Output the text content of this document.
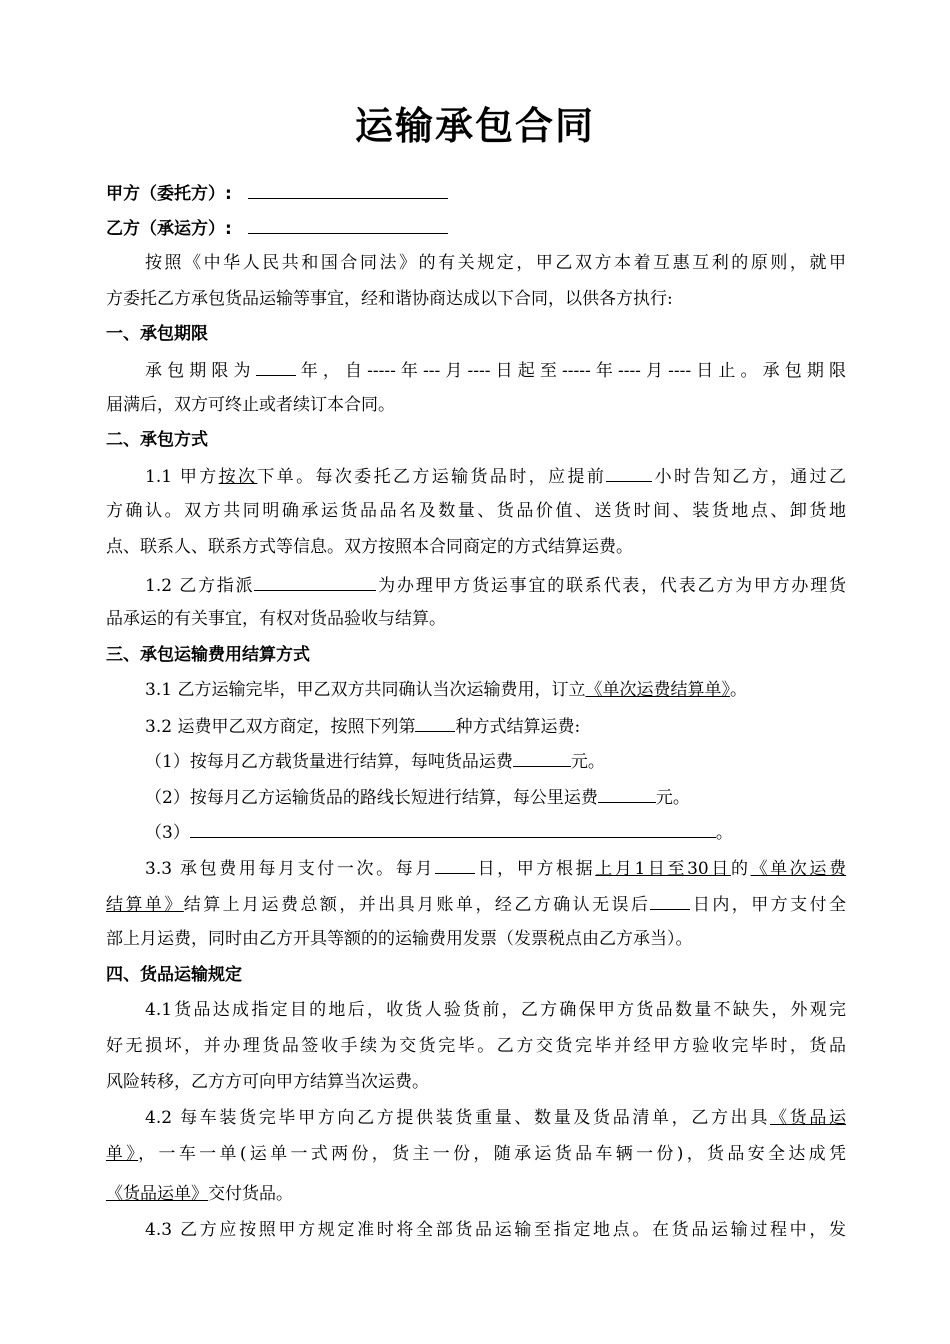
运输承包合同
甲方（委托方）:
乙方（承运方）:
按照《中华人民共和国合同法》的有关规定，甲乙双方本着互惠互利的原则，就甲
方委托乙方承包货品运输等事宜，经和谐协商达成以下合同，以供各方执行:
一、承包期限
承包期限为 年，自-----年---月----日起至-----年----月----日止。承包期限
届满后，双方可终止或者续订本合同。
二、承包方式
1.1 甲方按次下单。每次委托乙方运输货品时，应提前	小时告知乙方，通过乙
方确认。双方共同明确承运货品品名及数量、货品价值、送货时间、装货地点、卸货地
点、联系人、联系方式等信息。双方按照本合同商定的方式结算运费。
1.2 乙方指派	为办理甲方货运事宜的联系代表，代表乙方为甲方办理货
品承运的有关事宜，有权对货品验收与结算。
三、承包运输费用结算方式
3.1 乙方运输完毕，甲乙双方共同确认当次运输费用，订立《单次运费结算单》。
3.2 运费甲乙双方商定，按照下列第 种方式结算运费:
（1）按每月乙方载货量进行结算，每吨货品运费	元。
（2）按每月乙方运输货品的路线长短进行结算，每公里运费	元。
（3）	。
3.3 承包费用每月支付一次。每月 日，甲方根据上月1日至30日的《单次运费
结算单》结算上月运费总额，并出具月账单，经乙方确认无误后 日内，甲方支付全
部上月运费，同时由乙方开具等额的的运输费用发票（发票税点由乙方承当）。
四、货品运输规定
4.1货品达成指定目的地后，收货人验货前，乙方确保甲方货品数量不缺失，外观完
好无损坏，并办理货品签收手续为交货完毕。乙方交货完毕并经甲方验收完毕时，货品
风险转移，乙方方可向甲方结算当次运费。
4.2 每车装货完毕甲方向乙方提供装货重量、数量及货品清单，乙方出具《货品运
单》，一车一单(运单一式两份，货主一份，随承运货品车辆一份)，货品安全达成凭
《货品运单》交付货品。
4.3 乙方应按照甲方规定准时将全部货品运输至指定地点。在货品运输过程中，发
